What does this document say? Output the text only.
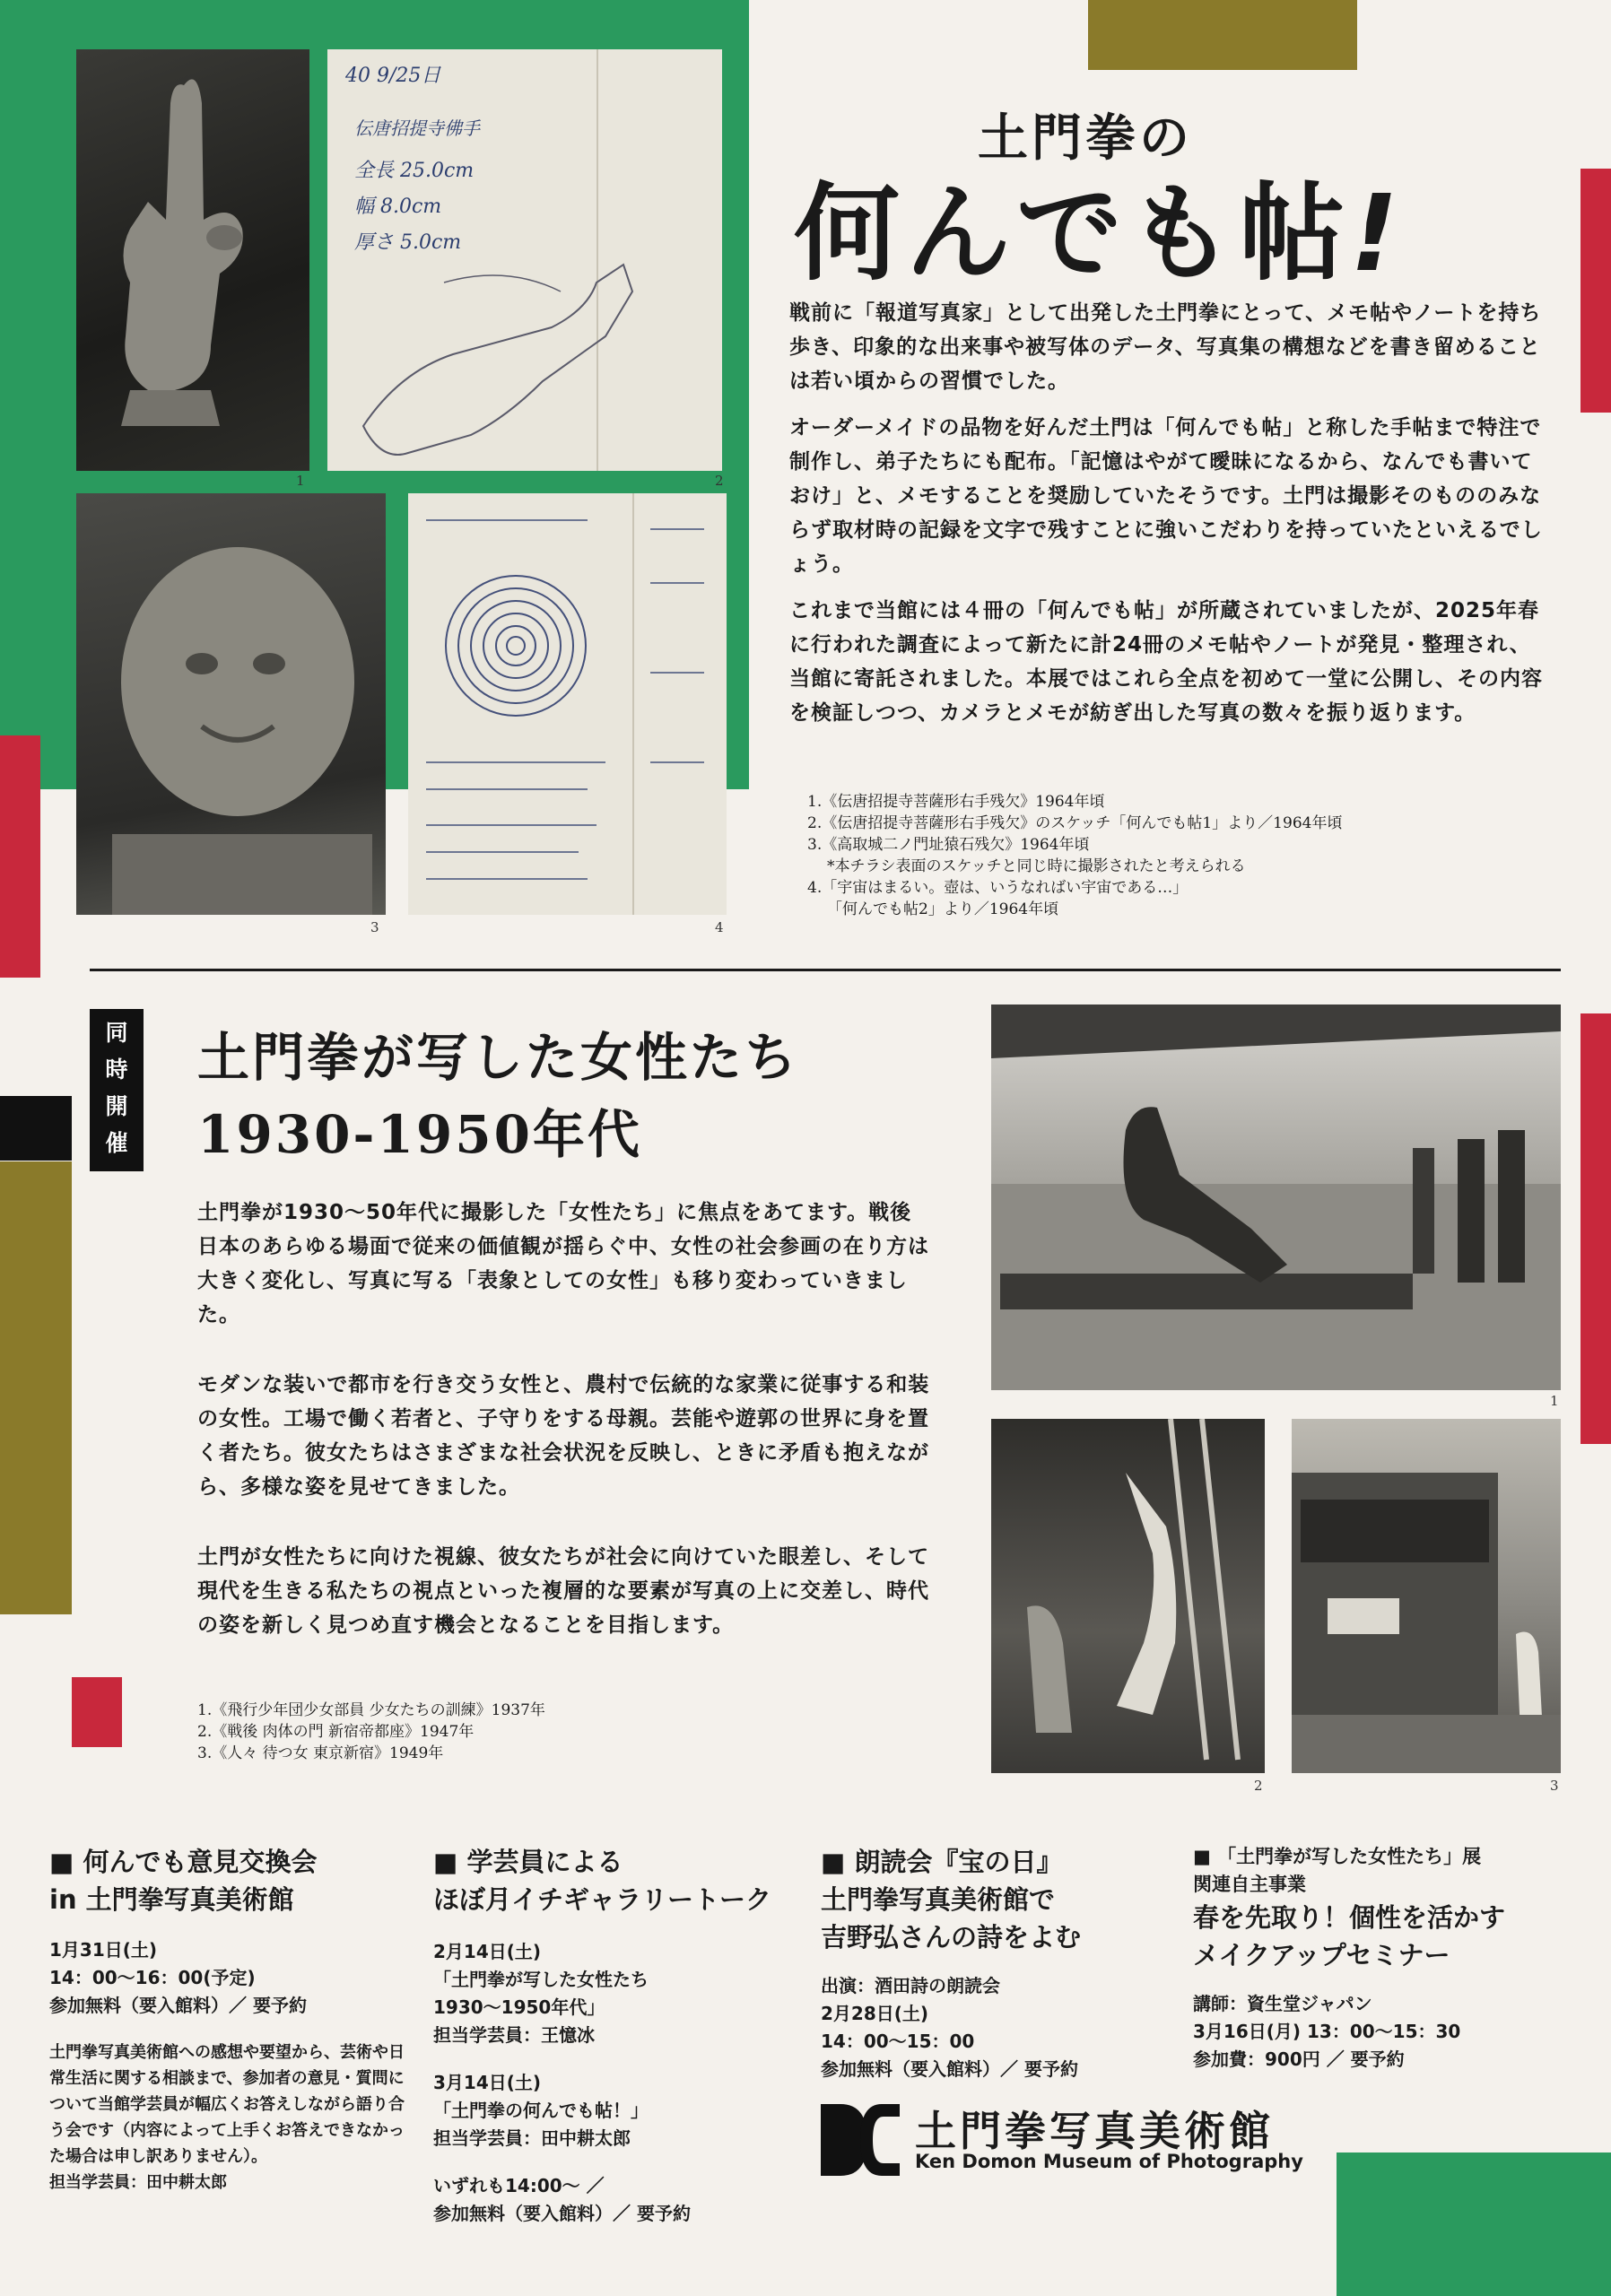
1
40 9/25日
伝唐招提寺佛手
全長 25.0cm
幅 8.0cm
厚さ 5.0cm
2
3	4
土門拳の
何んでも帖!

戦前に「報道写真家」として出発した土門拳にとって、メモ帖やノートを持ち歩き、印象的な出来事や被写体のデータ、写真集の構想などを書き留めることは若い頃からの習慣でした。

オーダーメイドの品物を好んだ土門は「何んでも帖」と称した手帖まで特注で制作し、弟子たちにも配布。「記憶はやがて曖昧になるから、なんでも書いておけ」と、メモすることを奨励していたそうです。土門は撮影そのもののみならず取材時の記録を文字で残すことに強いこだわりを持っていたといえるでしょう。

これまで当館には４冊の「何んでも帖」が所蔵されていましたが、2025年春に行われた調査によって新たに計24冊のメモ帖やノートが発見・整理され、当館に寄託されました。本展ではこれら全点を初めて一堂に公開し、その内容を検証しつつ、カメラとメモが紡ぎ出した写真の数々を振り返ります。

1.《伝唐招提寺菩薩形右手残欠》1964年頃

2.《伝唐招提寺菩薩形右手残欠》のスケッチ「何んでも帖1」より／1964年頃

3.《高取城二ノ門址猿石残欠》1964年頃

*本チラシ表面のスケッチと同じ時に撮影されたと考えられる

4.「宇宙はまるい。壺は、いうなればい宇宙である…」

「何んでも帖2」より／1964年頃

同
時
開
催
土門拳が写した女性たち
1930-1950年代

土門拳が1930〜50年代に撮影した「女性たち」に焦点をあてます。戦後日本のあらゆる場面で従来の価値観が揺らぐ中、女性の社会参画の在り方は大きく変化し、写真に写る「表象としての女性」も移り変わっていきました。

モダンな装いで都市を行き交う女性と、農村で伝統的な家業に従事する和装の女性。工場で働く若者と、子守りをする母親。芸能や遊郭の世界に身を置く者たち。彼女たちはさまざまな社会状況を反映し、ときに矛盾も抱えながら、多様な姿を見せてきました。

土門が女性たちに向けた視線、彼女たちが社会に向けていた眼差し、そして現代を生きる私たちの視点といった複層的な要素が写真の上に交差し、時代の姿を新しく見つめ直す機会となることを目指します。

1.《飛行少年団少女部員 少女たちの訓練》1937年

2.《戦後 肉体の門 新宿帝都座》1947年

3.《人々 待つ女 東京新宿》1949年

1
2	3

■ 何んでも意見交換会

in 土門拳写真美術館

1月31日(土)

14：00〜16：00(予定)

参加無料（要入館料）／ 要予約

土門拳写真美術館への感想や要望から、芸術や日常生活に関する相談まで、参加者の意見・質問について当館学芸員が幅広くお答えしながら語り合う会です（内容によって上手くお答えできなかった場合は申し訳ありません）。

担当学芸員：田中耕太郎

■ 学芸員による

ほぼ月イチギャラリートーク

2月14日(土)

「土門拳が写した女性たち

1930〜1950年代」

担当学芸員：王憶冰

3月14日(土)

「土門拳の何んでも帖！」

担当学芸員：田中耕太郎

いずれも14:00〜 ／

参加無料（要入館料）／ 要予約

■ 朗読会『宝の日』

土門拳写真美術館で

吉野弘さんの詩をよむ

出演：酒田詩の朗読会

2月28日(土)

14：00〜15：00

参加無料（要入館料）／ 要予約

■ 「土門拳が写した女性たち」展

関連自主事業

春を先取り！個性を活かす

メイクアップセミナー

講師：資生堂ジャパン

3月16日(月) 13：00〜15：30

参加費：900円 ／ 要予約

土門拳写真美術館
Ken Domon Museum of Photography
